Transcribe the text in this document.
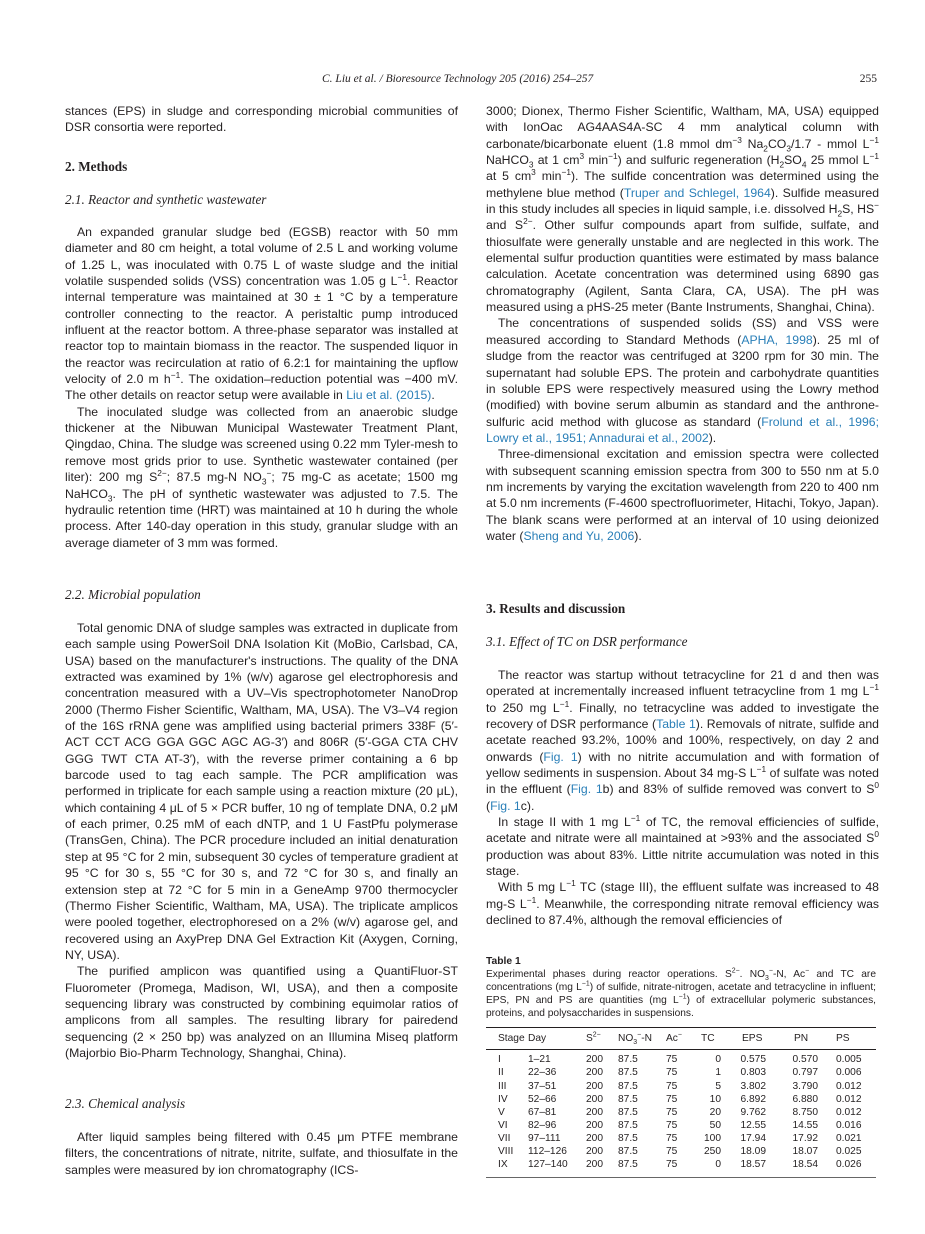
C. Liu et al. / Bioresource Technology 205 (2016) 254–257	255

stances (EPS) in sludge and corresponding microbial communities of DSR consortia were reported.

2. Methods
2.1. Reactor and synthetic wastewater

An expanded granular sludge bed (EGSB) reactor with 50 mm diameter and 80 cm height, a total volume of 2.5 L and working volume of 1.25 L, was inoculated with 0.75 L of waste sludge and the initial volatile suspended solids (VSS) concentration was 1.05 g $L^{-1}$. Reactor internal temperature was maintained at 30 ± 1 °C by a temperature controller connecting to the reactor. A peristaltic pump introduced influent at the reactor bottom. A three-phase separator was installed at reactor top to maintain biomass in the reactor. The suspended liquor in the reactor was recirculation at ratio of 6.2:1 for maintaining the upflow velocity of 2.0 m $h^{-1}$. The oxidation–reduction potential was −400 mV. The other details on reactor setup were available in Liu et al. (2015).

The inoculated sludge was collected from an anaerobic sludge thickener at the Nibuwan Municipal Wastewater Treatment Plant, Qingdao, China. The sludge was screened using 0.22 mm Tyler-mesh to remove most grids prior to use. Synthetic wastewater contained (per liter): 200 mg $S^{2-}$; 87.5 mg-N $NO_3^-$; 75 mg-C as acetate; 1500 mg NaHCO$_3$. The pH of synthetic wastewater was adjusted to 7.5. The hydraulic retention time (HRT) was maintained at 10 h during the whole process. After 140-day operation in this study, granular sludge with an average diameter of 3 mm was formed.

2.2. Microbial population

Total genomic DNA of sludge samples was extracted in duplicate from each sample using PowerSoil DNA Isolation Kit (MoBio, Carlsbad, CA, USA) based on the manufacturer's instructions. The quality of the DNA extracted was examined by 1% (w/v) agarose gel electrophoresis and concentration measured with a UV–Vis spectrophotometer NanoDrop 2000 (Thermo Fisher Scientific, Waltham, MA, USA). The V3–V4 region of the 16S rRNA gene was amplified using bacterial primers 338F (5′-ACT CCT ACG GGA GGC AGC AG-3′) and 806R (5′-GGA CTA CHV GGG TWT CTA AT-3′), with the reverse primer containing a 6 bp barcode used to tag each sample. The PCR amplification was performed in triplicate for each sample using a reaction mixture (20 μL), which containing 4 μL of 5 × PCR buffer, 10 ng of template DNA, 0.2 μM of each primer, 0.25 mM of each dNTP, and 1 U FastPfu polymerase (TransGen, China). The PCR procedure included an initial denaturation step at 95 °C for 2 min, subsequent 30 cycles of temperature gradient at 95 °C for 30 s, 55 °C for 30 s, and 72 °C for 30 s, and finally an extension step at 72 °C for 5 min in a GeneAmp 9700 thermocycler (Thermo Fisher Scientific, Waltham, MA, USA). The triplicate amplicos were pooled together, electrophoresed on a 2% (w/v) agarose gel, and recovered using an AxyPrep DNA Gel Extraction Kit (Axygen, Corning, NY, USA).

The purified amplicon was quantified using a QuantiFluor-ST Fluorometer (Promega, Madison, WI, USA), and then a composite sequencing library was constructed by combining equimolar ratios of amplicons from all samples. The resulting library for pairedend sequencing (2 × 250 bp) was analyzed on an Illumina Miseq platform (Majorbio Bio-Pharm Technology, Shanghai, China).

2.3. Chemical analysis

After liquid samples being filtered with 0.45 μm PTFE membrane filters, the concentrations of nitrate, nitrite, sulfate, and thiosulfate in the samples were measured by ion chromatography (ICS-

3000; Dionex, Thermo Fisher Scientific, Waltham, MA, USA) equipped with IonOac AG4AAS4A-SC 4 mm analytical column with carbonate/bicarbonate eluent (1.8 mmol $dm^{-3}$ $Na_2CO_3/1.7$ - mmol $L^{-1}$ NaHCO$_3$ at 1 $cm^3$ $\min^{-1}$) and sulfuric regeneration ($H_2SO_4$ 25 mmol $L^{-1}$ at 5 $cm^3$ $\min^{-1}$). The sulfide concentration was determined using the methylene blue method (Truper and Schlegel, 1964). Sulfide measured in this study includes all species in liquid sample, i.e. dissolved $H_2S$, HS− and $S^{2-}$. Other sulfur compounds apart from sulfide, sulfate, and thiosulfate were generally unstable and are neglected in this work. The elemental sulfur production quantities were estimated by mass balance calculation. Acetate concentration was determined using 6890 gas chromatography (Agilent, Santa Clara, CA, USA). The pH was measured using a pHS-25 meter (Bante Instruments, Shanghai, China).

The concentrations of suspended solids (SS) and VSS were measured according to Standard Methods (APHA, 1998). 25 ml of sludge from the reactor was centrifuged at 3200 rpm for 30 min. The supernatant had soluble EPS. The protein and carbohydrate quantities in soluble EPS were respectively measured using the Lowry method (modified) with bovine serum albumin as standard and the anthrone-sulfuric acid method with glucose as standard (Frolund et al., 1996; Lowry et al., 1951; Annadurai et al., 2002).

Three-dimensional excitation and emission spectra were collected with subsequent scanning emission spectra from 300 to 550 nm at 5.0 nm increments by varying the excitation wavelength from 220 to 400 nm at 5.0 nm increments (F-4600 spectrofluorimeter, Hitachi, Tokyo, Japan). The blank scans were performed at an interval of 10 using deionized water (Sheng and Yu, 2006).

3. Results and discussion
3.1. Effect of TC on DSR performance

The reactor was startup without tetracycline for 21 d and then was operated at incrementally increased influent tetracycline from 1 mg $L^{-1}$ to 250 mg $L^{-1}$. Finally, no tetracycline was added to investigate the recovery of DSR performance (Table 1). Removals of nitrate, sulfide and acetate reached 93.2%, 100% and 100%, respectively, on day 2 and onwards (Fig. 1) with no nitrite accumulation and with formation of yellow sediments in suspension. About 34 mg-S $L^{-1}$ of sulfate was noted in the effluent (Fig. 1b) and 83% of sulfide removed was convert to $S^0$ (Fig. 1c).

In stage II with 1 mg $L^{-1}$ of TC, the removal efficiencies of sulfide, acetate and nitrate were all maintained at >93% and the associated $S^0$ production was about 83%. Little nitrite accumulation was noted in this stage.

With 5 mg $L^{-1}$ TC (stage III), the effluent sulfate was increased to 48 mg-S $L^{-1}$. Meanwhile, the corresponding nitrate removal efficiency was declined to 87.4%, although the removal efficiencies of

Table 1
Experimental phases during reactor operations. $S^{2-}$. $NO_3^--N$, Ac− and TC are concentrations (mg $L^{-1}$) of sulfide, nitrate-nitrogen, acetate and tetracycline in influent; EPS, PN and PS are quantities (mg $L^{-1}$) of extracellular polymeric substances, proteins, and polysaccharides in suspensions.
Stage	Day	$S^{2-}$	$NO_3^--N$	Ac−	TC	EPS	PN	PS

I	1–21	200	87.5	75	0	0.575	0.570	0.005
II	22–36	200	87.5	75	1	0.803	0.797	0.006
III	37–51	200	87.5	75	5	3.802	3.790	0.012
IV	52–66	200	87.5	75	10	6.892	6.880	0.012
V	67–81	200	87.5	75	20	9.762	8.750	0.012
VI	82–96	200	87.5	75	50	12.55	14.55	0.016
VII	97–111	200	87.5	75	100	17.94	17.92	0.021
VIII	112–126	200	87.5	75	250	18.09	18.07	0.025
IX	127–140	200	87.5	75	0	18.57	18.54	0.026
